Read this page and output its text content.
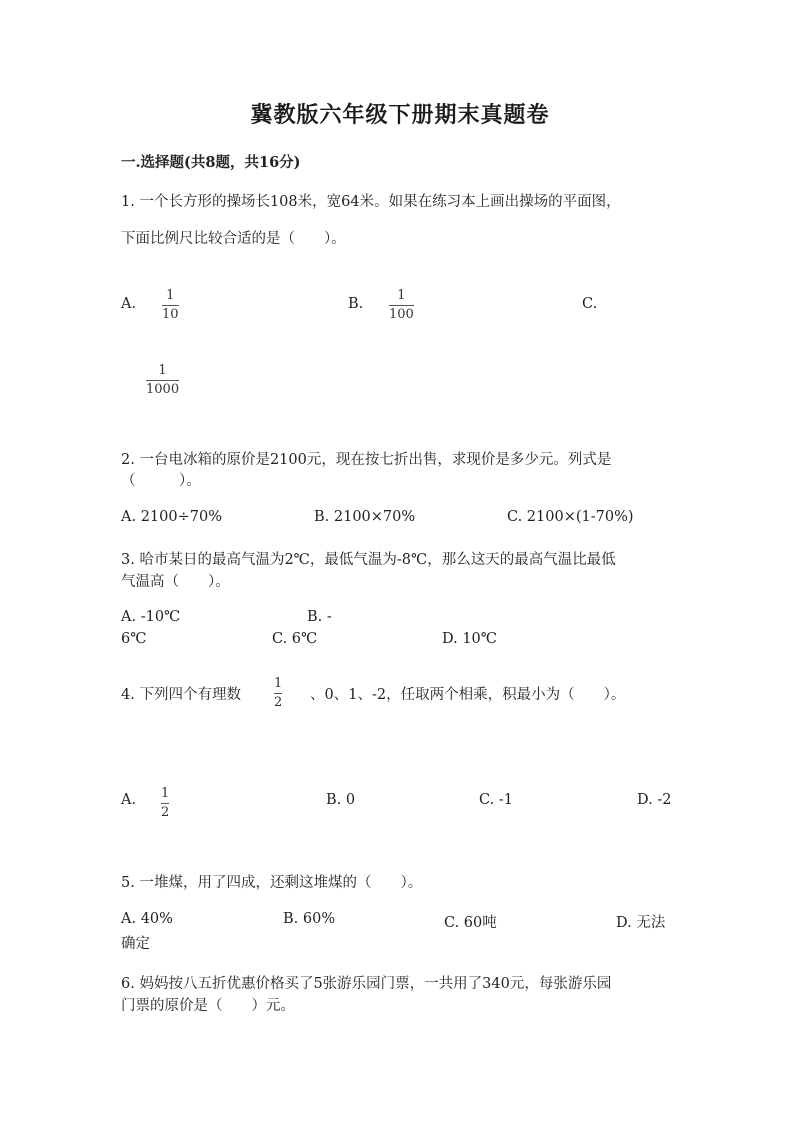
冀教版六年级下册期末真题卷
一.选择题(共8题，共16分)
1. 一个长方形的操场长108米，宽64米。如果在练习本上画出操场的平面图，
下面比例尺比较合适的是（　　）。
A.
1
10
B.
1
100
C.
1
1000
2. 一台电冰箱的原价是2100元，现在按七折出售，求现价是多少元。列式是
（　　　）。
A. 2100÷70%	B. 2100×70%	C. 2100×(1-70%)
3. 哈市某日的最高气温为2℃，最低气温为-8℃，那么这天的最高气温比最低
气温高（　　）。
A. -10℃	B. -
6℃	C. 6℃	D. 10℃
4. 下列四个有理数
1
2 、0、1、-2，任取两个相乘，积最小为（　　）。
A. 1
2
B. 0	C. -1	D. -2
5. 一堆煤，用了四成，还剩这堆煤的（　　）。
A. 40%	B. 60%	C. 60吨	D. 无法
确定
6. 妈妈按八五折优惠价格买了5张游乐园门票，一共用了340元，每张游乐园
门票的原价是（　　）元。
